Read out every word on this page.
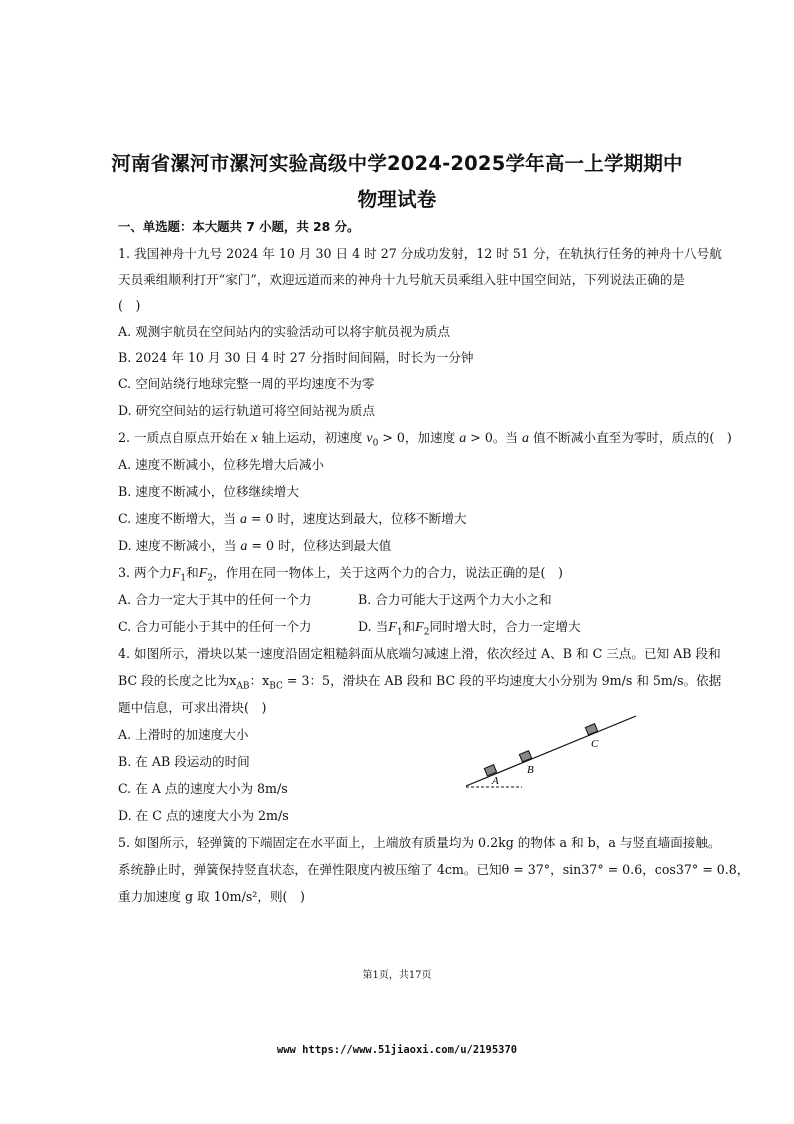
河南省漯河市漯河实验高级中学2024-2025学年高一上学期期中
物理试卷
一、单选题：本大题共 7 小题，共 28 分。
1. 我国神舟十九号 2024 年 10 月 30 日 4 时 27 分成功发射，12 时 51 分，在轨执行任务的神舟十八号航
天员乘组顺利打开“家门”，欢迎远道而来的神舟十九号航天员乘组入驻中国空间站，下列说法正确的是
(　)
A. 观测宇航员在空间站内的实验活动可以将宇航员视为质点
B. 2024 年 10 月 30 日 4 时 27 分指时间间隔，时长为一分钟
C. 空间站绕行地球完整一周的平均速度不为零
D. 研究空间站的运行轨道可将空间站视为质点
2. 一质点自原点开始在 x 轴上运动，初速度 $v_0 > 0$，加速度 a > 0。当 a 值不断减小直至为零时，质点的(　)
A. 速度不断减小，位移先增大后减小
B. 速度不断减小，位移继续增大
C. 速度不断增大，当 a = 0 时，速度达到最大，位移不断增大
D. 速度不断减小，当 a = 0 时，位移达到最大值
3. 两个力$F_1$和$F_2$，作用在同一物体上，关于这两个力的合力，说法正确的是(　)
A. 合力一定大于其中的任何一个力	B. 合力可能大于这两个力大小之和
C. 合力可能小于其中的任何一个力	D. 当$F_1$和$F_2$同时增大时，合力一定增大
4. 如图所示，滑块以某一速度沿固定粗糙斜面从底端匀减速上滑，依次经过 A、B 和 C 三点。已知 AB 段和
BC 段的长度之比为$x_{AB}$：$x_{BC} = 3$：5，滑块在 AB 段和 BC 段的平均速度大小分别为 9m/s 和 5m/s。依据
题中信息，可求出滑块(　)
A. 上滑时的加速度大小
B. 在 AB 段运动的时间
C. 在 A 点的速度大小为 8m/s
D. 在 C 点的速度大小为 2m/s
A
B
C
5. 如图所示，轻弹簧的下端固定在水平面上，上端放有质量均为 0.2kg 的物体 a 和 b，a 与竖直墙面接触。
系统静止时，弹簧保持竖直状态，在弹性限度内被压缩了 4cm。已知θ = 37°，sin37° = 0.6，cos37° = 0.8，
重力加速度 g 取 10m/s²，则(　)
第1页，共17页
www https://www.51jiaoxi.com/u/2195370
